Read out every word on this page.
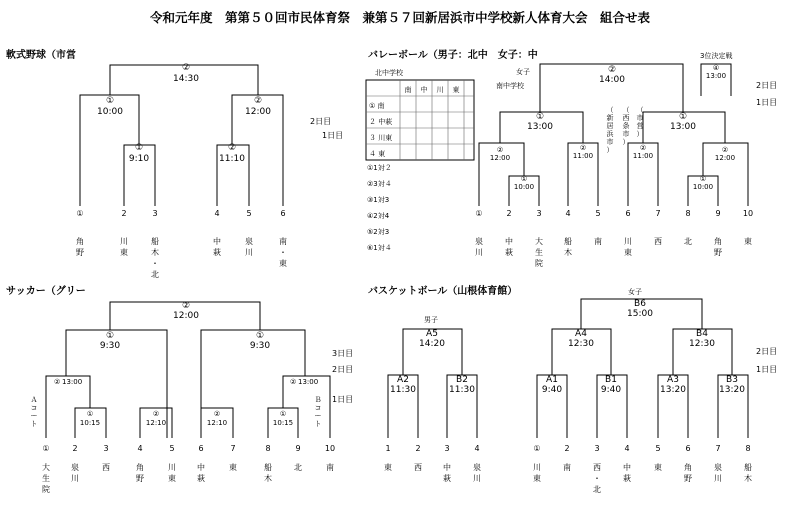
令和元年度　第第５０回市民体育祭　兼第５７回新居浜市中学校新人体育大会　組合せ表
軟式野球（市営
2日目
1日目
②
14:30
①
10:00
②
12:00
①
9:10
②
11:10
①
角
野
2
川
東
3
船
木
・
北
4
中
萩
5
泉
川
6
南
・
東
バレーボール（男子：北中　女子：中
女子
南中学校
3位決定戦
④
13:00
2日目
1日目
北中学校
南 中 川 東
① 南
２ 中萩
３ 川東
４ 東
①1対２
②3対４
③1対3
④2対4
⑤2対3
⑥1対４
②
14:00
①
13:00
①
13:00
②
12:00
②
11:00
②
11:00
②
12:00
①
10:00
①
10:00
（
新
居
浜
市
）
（
西
条
市
）
（
市
営
）
①
泉
川
2
中
萩
3
大
生
院
4
船
木
5
南
6
川
東
7
西
8
北
9
角
野
10
東
サッカー（グリー
3日目
2日目
1日目
②
12:00
①
9:30
①
9:30
② 13:00	② 13:00
①
10:15
②
12:10
②
12:10
①
10:15
Ａ
コ
ー
ト
Ｂ
コ
ー
ト
①
大
生
院
2
泉
川
3
西
4
角
野
5
川
東
6
中
萩
7
東
8
船
木
9
北
10
南
バスケットボール（山根体育館）
男子
女子
2日目
1日目
A5
14:20
A2
11:30
B2
11:30
B6
15:00
A4
12:30
B4
12:30
A1
9:40
B1
9:40
A3
13:20
B3
13:20
1
東
2
西
3
中
萩
4
泉
川
①
川
東
2
南
3
西
・
北
4
中
萩
5
東
6
角
野
7
泉
川
8
船
木
